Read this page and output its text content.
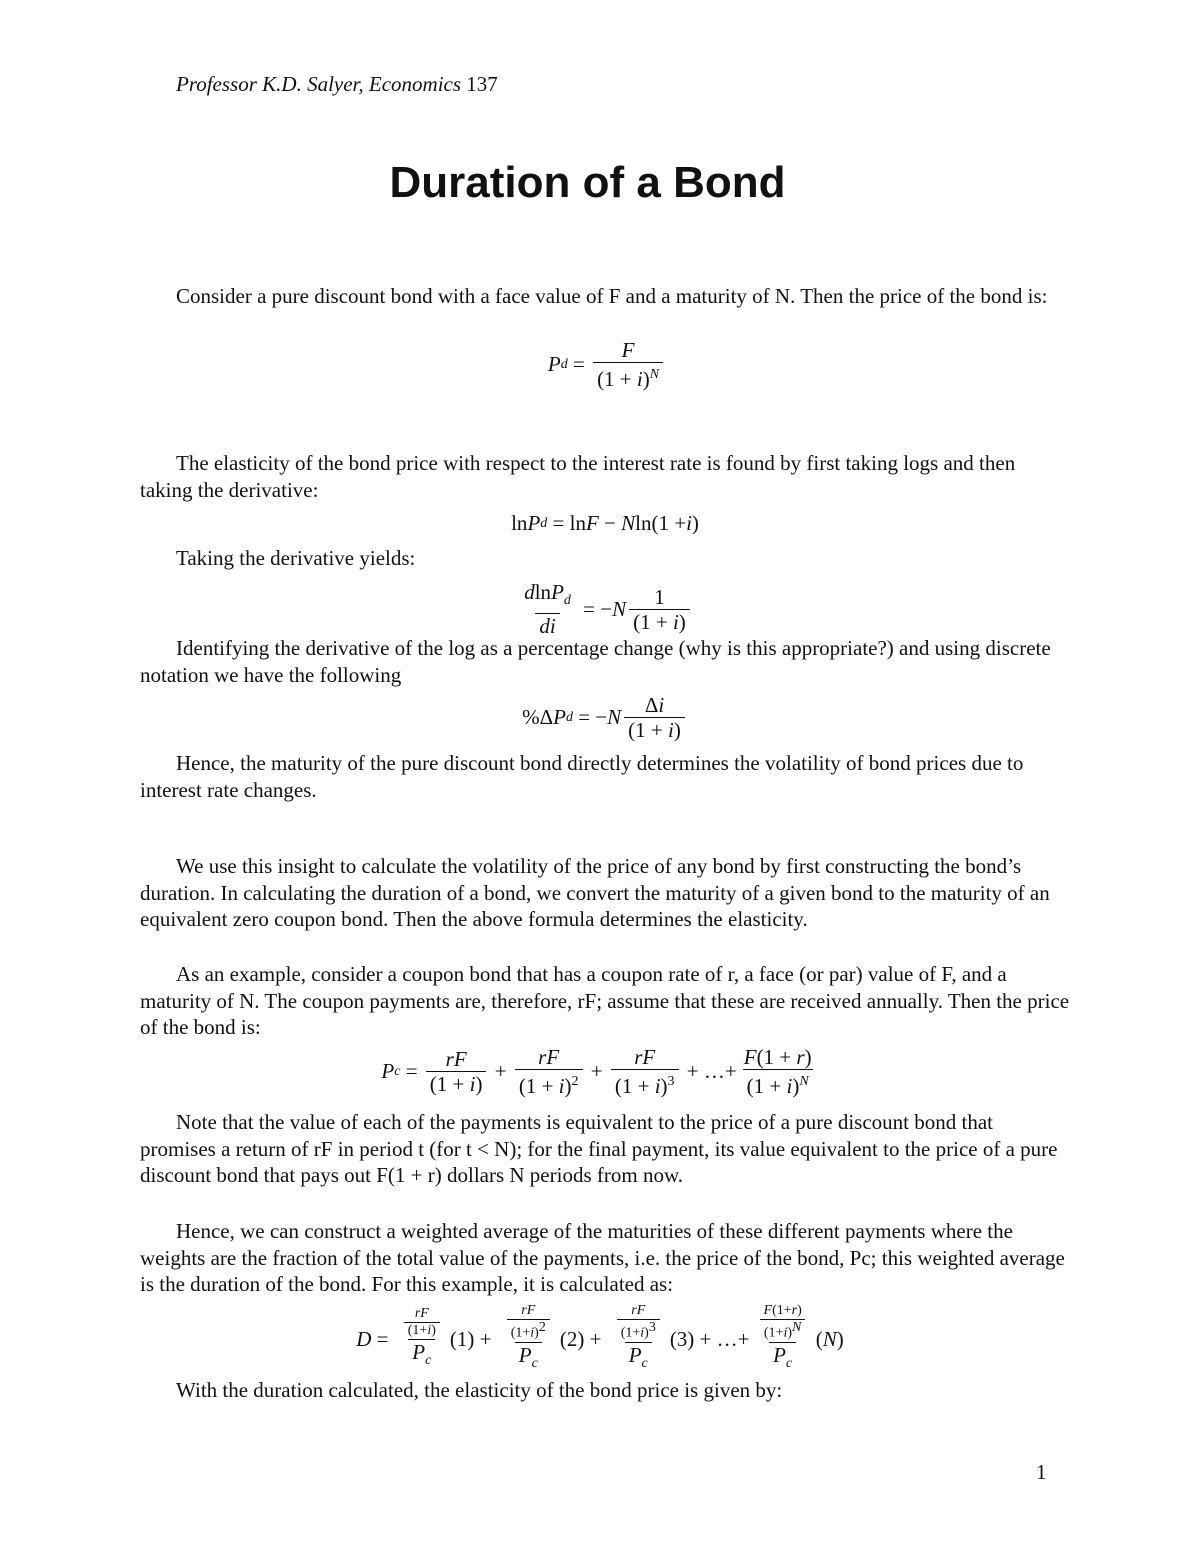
Professor K.D. Salyer, Economics 137
Duration of a Bond
Consider a pure discount bond with a face value of F and a maturity of N. Then the price of the bond is:
P $d = \frac{F}{(1 + i)^N}$
The elasticity of the bond price with respect to the interest rate is found by first taking logs and then taking the derivative:
ln P d = ln F − N ln(1 + i )
Taking the derivative yields:
$\frac{dlnP_d}{di}$ = − N $\frac{1}{(1 + i)}$
Identifying the derivative of the log as a percentage change (why is this appropriate?) and using discrete notation we have the following
%Δ P d = − N $\frac{\Delta i}{(1 + i)}$
Hence, the maturity of the pure discount bond directly determines the volatility of bond prices due to interest rate changes.
We use this insight to calculate the volatility of the price of any bond by first constructing the bond’s duration. In calculating the duration of a bond, we convert the maturity of a given bond to the maturity of an equivalent zero coupon bond. Then the above formula determines the elasticity.
As an example, consider a coupon bond that has a coupon rate of r, a face (or par) value of F, and a maturity of N. The coupon payments are, therefore, rF; assume that these are received annually. Then the price of the bond is:
P $c = \frac{rF}{(1 + i)} + \frac{rF}{(1 + i)^2} + \frac{rF}{(1 + i)^3}$ + …+ $\frac{F(1 + r)}{(1 + i)^N}$
Note that the value of each of the payments is equivalent to the price of a pure discount bond that promises a return of rF in period t (for t < N); for the final payment, its value equivalent to the price of a pure discount bond that pays out F(1 + r) dollars N periods from now.
Hence, we can construct a weighted average of the maturities of these different payments where the weights are the fraction of the total value of the payments, i.e. the price of the bond, Pc; this weighted average is the duration of the bond. For this example, it is calculated as:
$D = \frac{\frac{rF}{(1+i)}}{P_c} (1) + \frac{\frac{rF}{(1+i)^2}}{P_c} (2) + \frac{\frac{rF}{(1+i)^3}}{P_c} (3)$ + …+ $\frac{\frac{F(1+r)}{(1+i)^N}}{P_c}$ ( N )
With the duration calculated, the elasticity of the bond price is given by:
1
